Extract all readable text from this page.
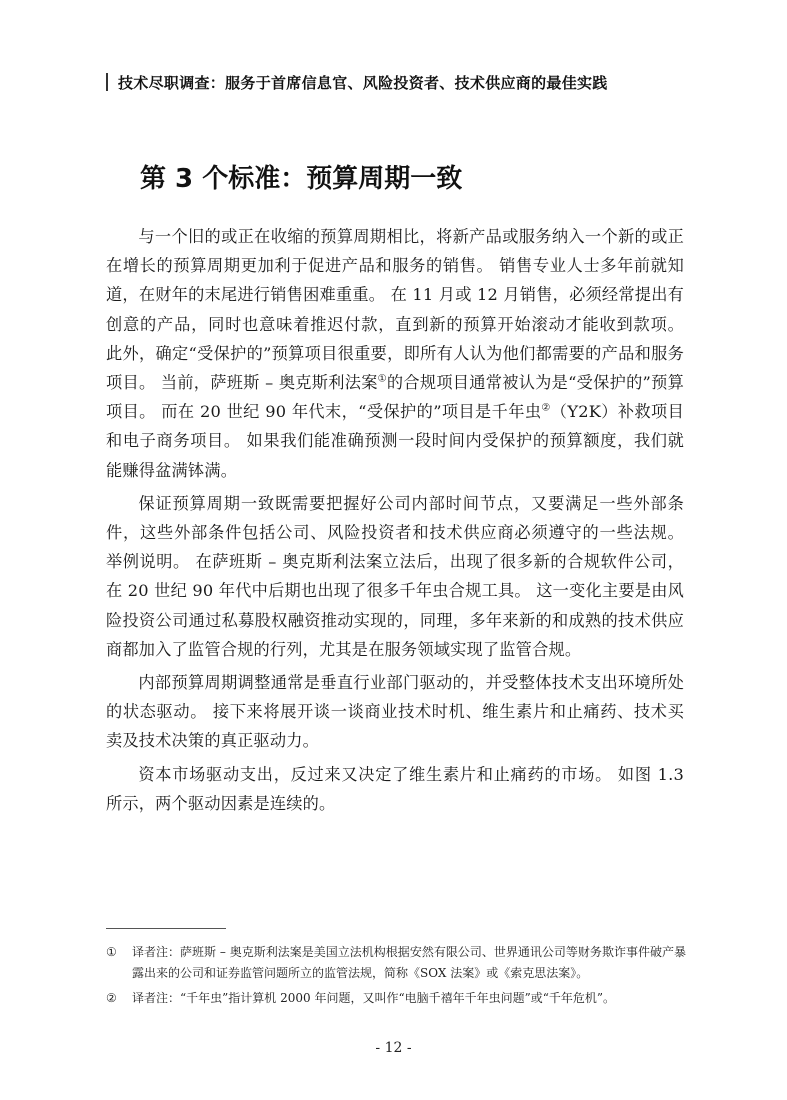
技术尽职调查：服务于首席信息官、风险投资者、技术供应商的最佳实践
第 3 个标准：预算周期一致

与一个旧的或正在收缩的预算周期相比，将新产品或服务纳入一个新的或正在增长的预算周期更加利于促进产品和服务的销售。 销售专业人士多年前就知道，在财年的末尾进行销售困难重重。 在 11 月或 12 月销售，必须经常提出有创意的产品，同时也意味着推迟付款，直到新的预算开始滚动才能收到款项。 此外，确定“受保护的”预算项目很重要，即所有人认为他们都需要的产品和服务项目。 当前，萨班斯 – 奥克斯利法案①的合规项目通常被认为是“受保护的”预算项目。 而在 20 世纪 90 年代末，“受保护的”项目是千年虫②（Y2K）补救项目和电子商务项目。 如果我们能准确预测一段时间内受保护的预算额度，我们就能赚得盆满钵满。

保证预算周期一致既需要把握好公司内部时间节点，又要满足一些外部条件，这些外部条件包括公司、风险投资者和技术供应商必须遵守的一些法规。 举例说明。 在萨班斯 – 奥克斯利法案立法后，出现了很多新的合规软件公司，在 20 世纪 90 年代中后期也出现了很多千年虫合规工具。 这一变化主要是由风险投资公司通过私募股权融资推动实现的，同理，多年来新的和成熟的技术供应商都加入了监管合规的行列，尤其是在服务领域实现了监管合规。

内部预算周期调整通常是垂直行业部门驱动的，并受整体技术支出环境所处的状态驱动。 接下来将展开谈一谈商业技术时机、维生素片和止痛药、技术买卖及技术决策的真正驱动力。

资本市场驱动支出，反过来又决定了维生素片和止痛药的市场。 如图 1.3 所示，两个驱动因素是连续的。

①	译者注：萨班斯 – 奥克斯利法案是美国立法机构根据安然有限公司、世界通讯公司等财务欺诈事件破产暴露出来的公司和证券监管问题所立的监管法规，简称《SOX 法案》或《索克思法案》。
②	译者注：“千年虫”指计算机 2000 年问题，又叫作“电脑千禧年千年虫问题”或“千年危机”。
- 12 -
